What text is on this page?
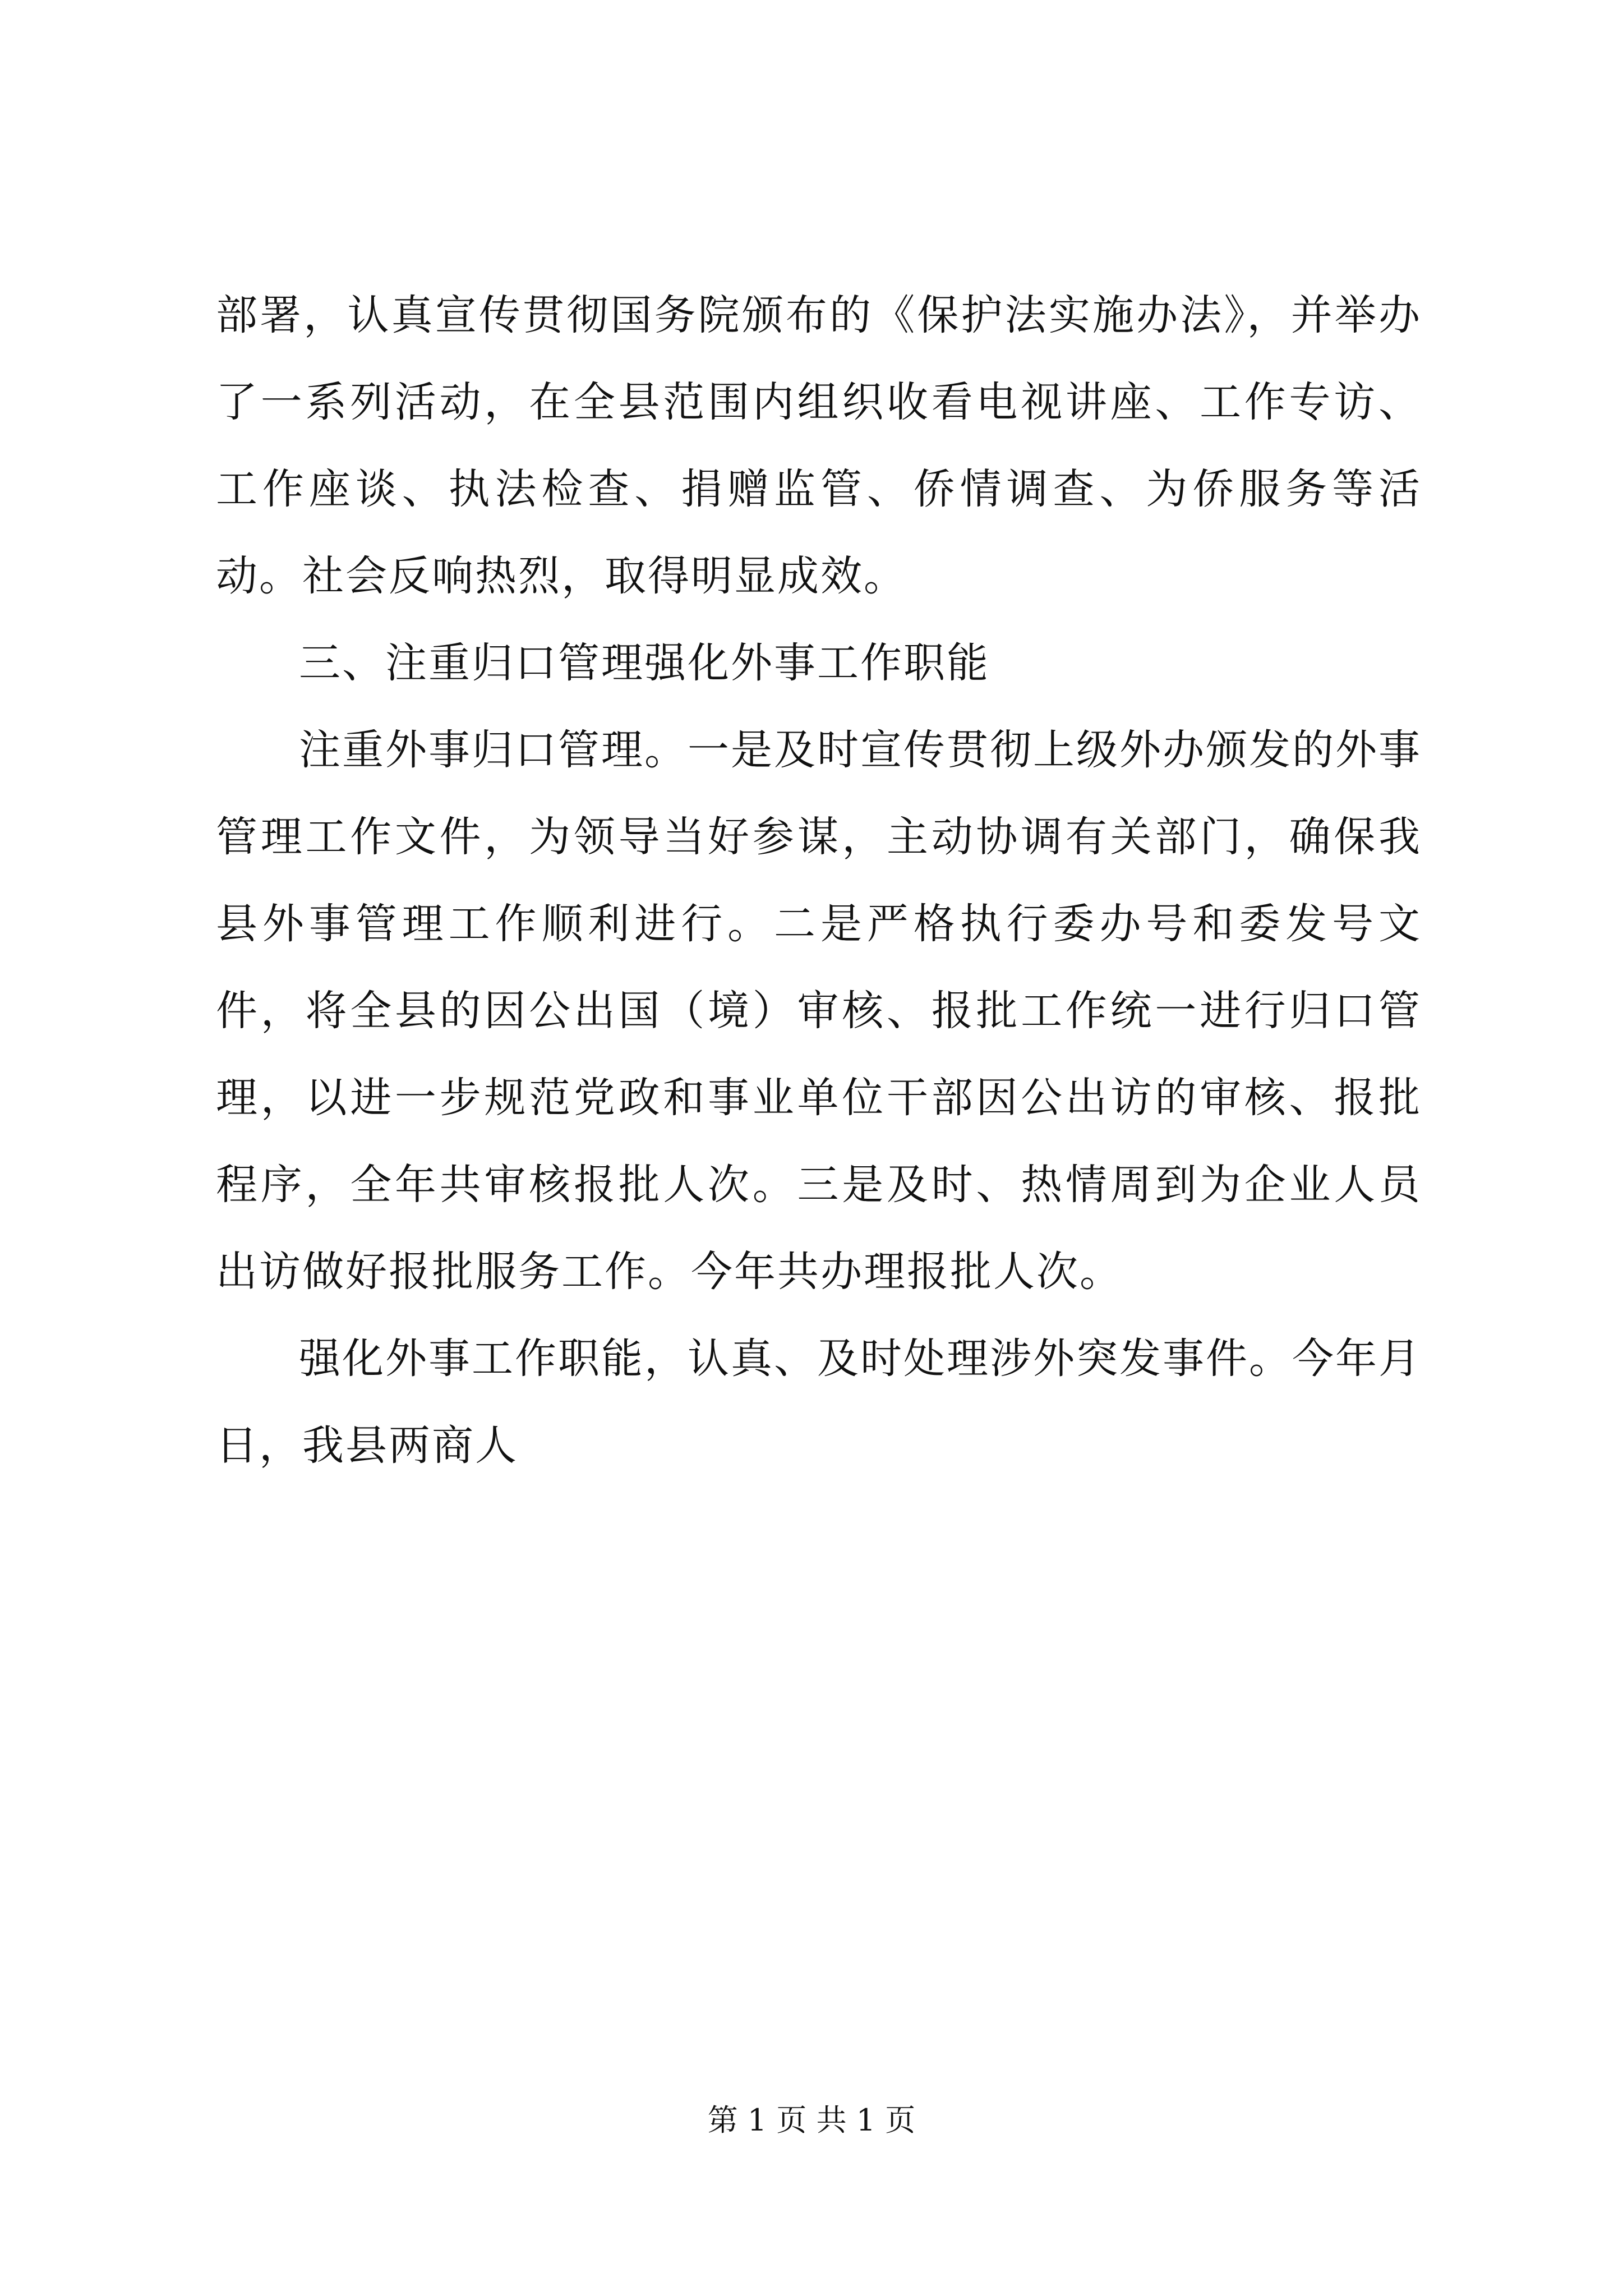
部署，认真宣传贯彻国务院颁布的《保护法实施办法》，并举办了一系列活动，在全县范围内组织收看电视讲座、工作专访、工作座谈、执法检查、捐赠监管、侨情调查、为侨服务等活动。社会反响热烈，取得明显成效。

三、注重归口管理强化外事工作职能

注重外事归口管理。一是及时宣传贯彻上级外办颁发的外事管理工作文件，为领导当好参谋，主动协调有关部门，确保我县外事管理工作顺利进行。二是严格执行委办号和委发号文件，将全县的因公出国（境）审核、报批工作统一进行归口管理，以进一步规范党政和事业单位干部因公出访的审核、报批程序，全年共审核报批人次。三是及时、热情周到为企业人员出访做好报批服务工作。今年共办理报批人次。

强化外事工作职能，认真、及时处理涉外突发事件。今年月日，我县两商人

第 1 页 共 1 页
